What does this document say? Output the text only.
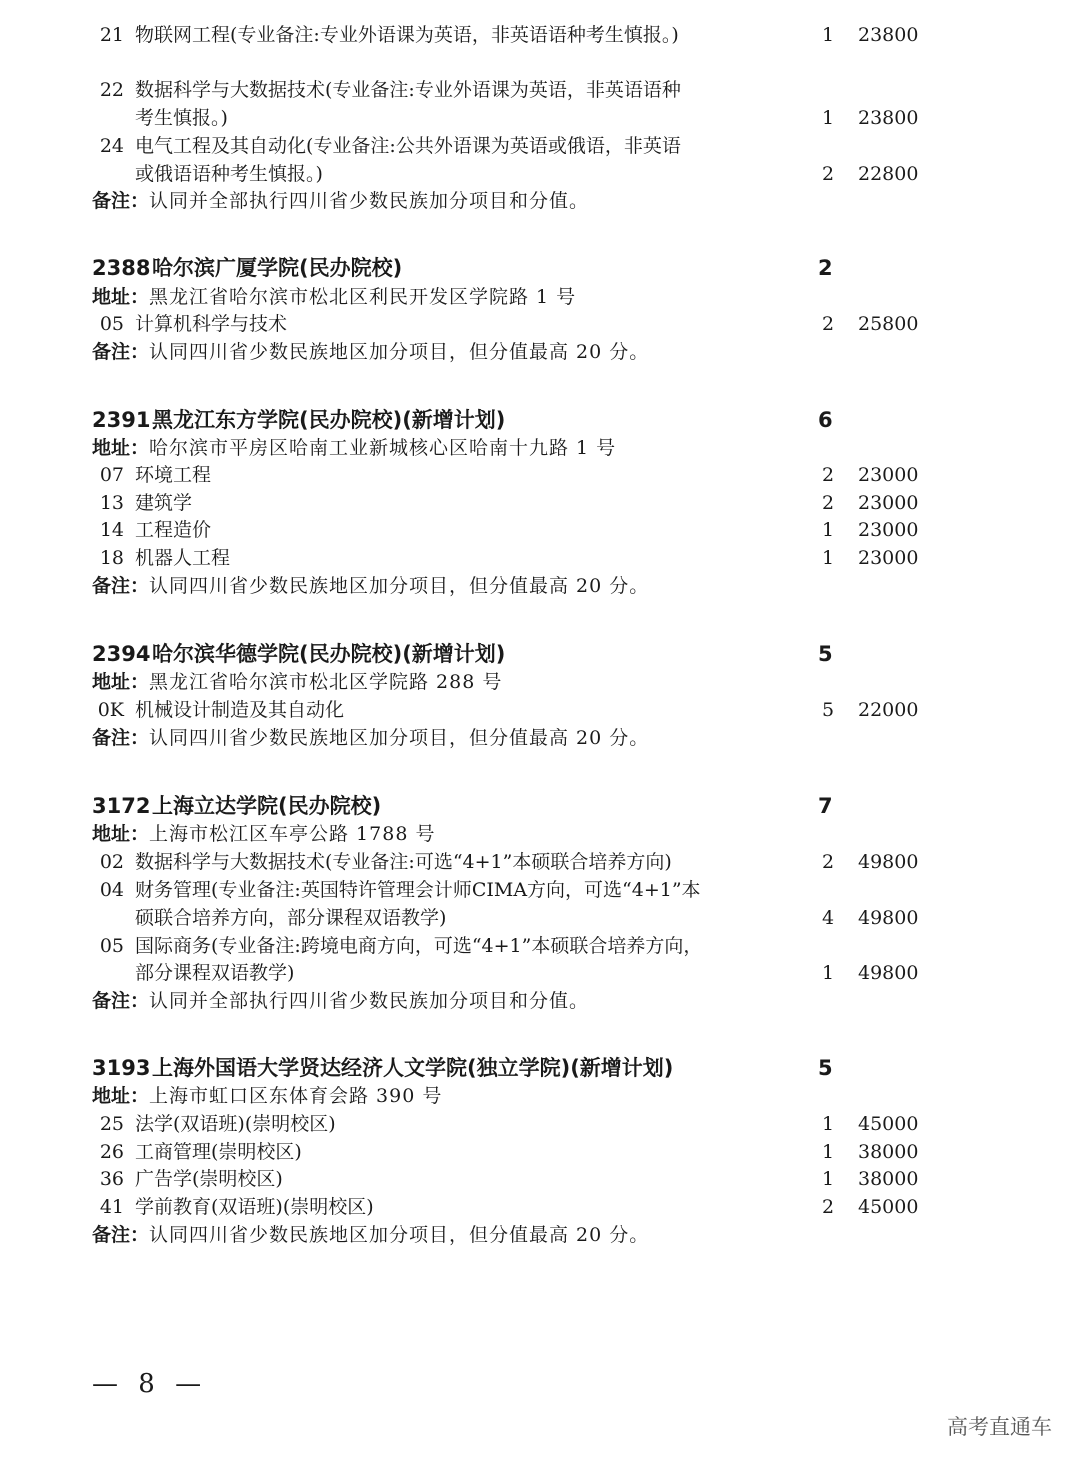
21 物联网工程(专业备注:专业外语课为英语，非英语语种考生慎报。)	1	23800
22 数据科学与大数据技术(专业备注:专业外语课为英语，非英语语种
考生慎报。)	1	23800
24 电气工程及其自动化(专业备注:公共外语课为英语或俄语，非英语
或俄语语种考生慎报。)	2	22800
备注：认同并全部执行四川省少数民族加分项目和分值。
2388 哈尔滨广厦学院(民办院校)	2
地址：黑龙江省哈尔滨市松北区利民开发区学院路 1 号
05 计算机科学与技术	2	25800
备注：认同四川省少数民族地区加分项目，但分值最高 20 分。
2391 黑龙江东方学院(民办院校)(新增计划)	6
地址：哈尔滨市平房区哈南工业新城核心区哈南十九路 1 号
07 环境工程	2	23000
13 建筑学	2	23000
14 工程造价	1	23000
18 机器人工程	1	23000
备注：认同四川省少数民族地区加分项目，但分值最高 20 分。
2394 哈尔滨华德学院(民办院校)(新增计划)	5
地址：黑龙江省哈尔滨市松北区学院路 288 号
0K 机械设计制造及其自动化	5	22000
备注：认同四川省少数民族地区加分项目，但分值最高 20 分。
3172 上海立达学院(民办院校)	7
地址：上海市松江区车亭公路 1788 号
02 数据科学与大数据技术(专业备注:可选“4+1”本硕联合培养方向)	2	49800
04 财务管理(专业备注:英国特许管理会计师CIMA方向，可选“4+1”本
硕联合培养方向，部分课程双语教学)	4	49800
05 国际商务(专业备注:跨境电商方向，可选“4+1”本硕联合培养方向，
部分课程双语教学)	1	49800
备注：认同并全部执行四川省少数民族加分项目和分值。
3193 上海外国语大学贤达经济人文学院(独立学院)(新增计划)	5
地址：上海市虹口区东体育会路 390 号
25 法学(双语班)(崇明校区)	1	45000
26 工商管理(崇明校区)	1	38000
36 广告学(崇明校区)	1	38000
41 学前教育(双语班)(崇明校区)	2	45000
备注：认同四川省少数民族地区加分项目，但分值最高 20 分。
— 8 —
高考直通车
